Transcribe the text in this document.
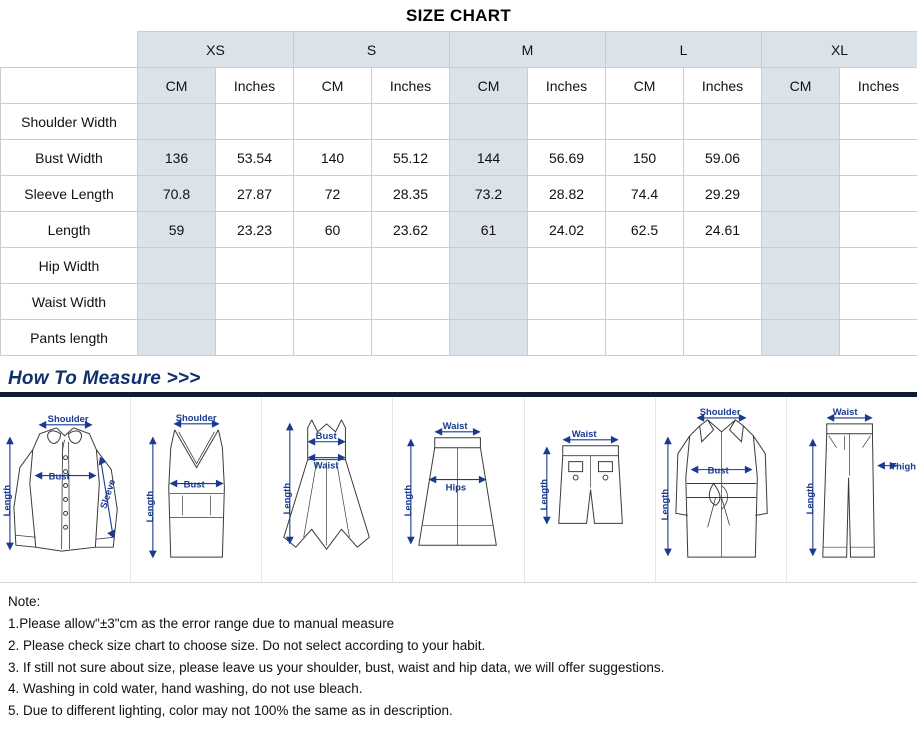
SIZE CHART
	XS		S		M		L		XL	
	CM	Inches	CM	Inches	CM	Inches	CM	Inches	CM	Inches
Shoulder Width										
Bust Width	136	53.54	140	55.12	144	56.69	150	59.06		
Sleeve Length	70.8	27.87	72	28.35	73.2	28.82	74.4	29.29		
Length	59	23.23	60	23.62	61	24.02	62.5	24.61		
Hip Width										
Waist Width										
Pants length										
How To Measure >>>
Shoulder
Bust
Length	Sleeve
Shoulder
Bust
Length
Bust
Waist
Length
Waist
Hips
Length
Waist
Length
Shoulder
Bust
Length
Waist
Length
Thigh
Note:
1.Please allow"±3"cm as the error range due to manual measure
2. Please check size chart to choose size. Do not select according to your habit.
3. If still not sure about size, please leave us your shoulder, bust, waist and hip data, we will offer suggestions.
4. Washing in cold water, hand washing, do not use bleach.
5. Due to different lighting, color may not 100% the same as in description.
